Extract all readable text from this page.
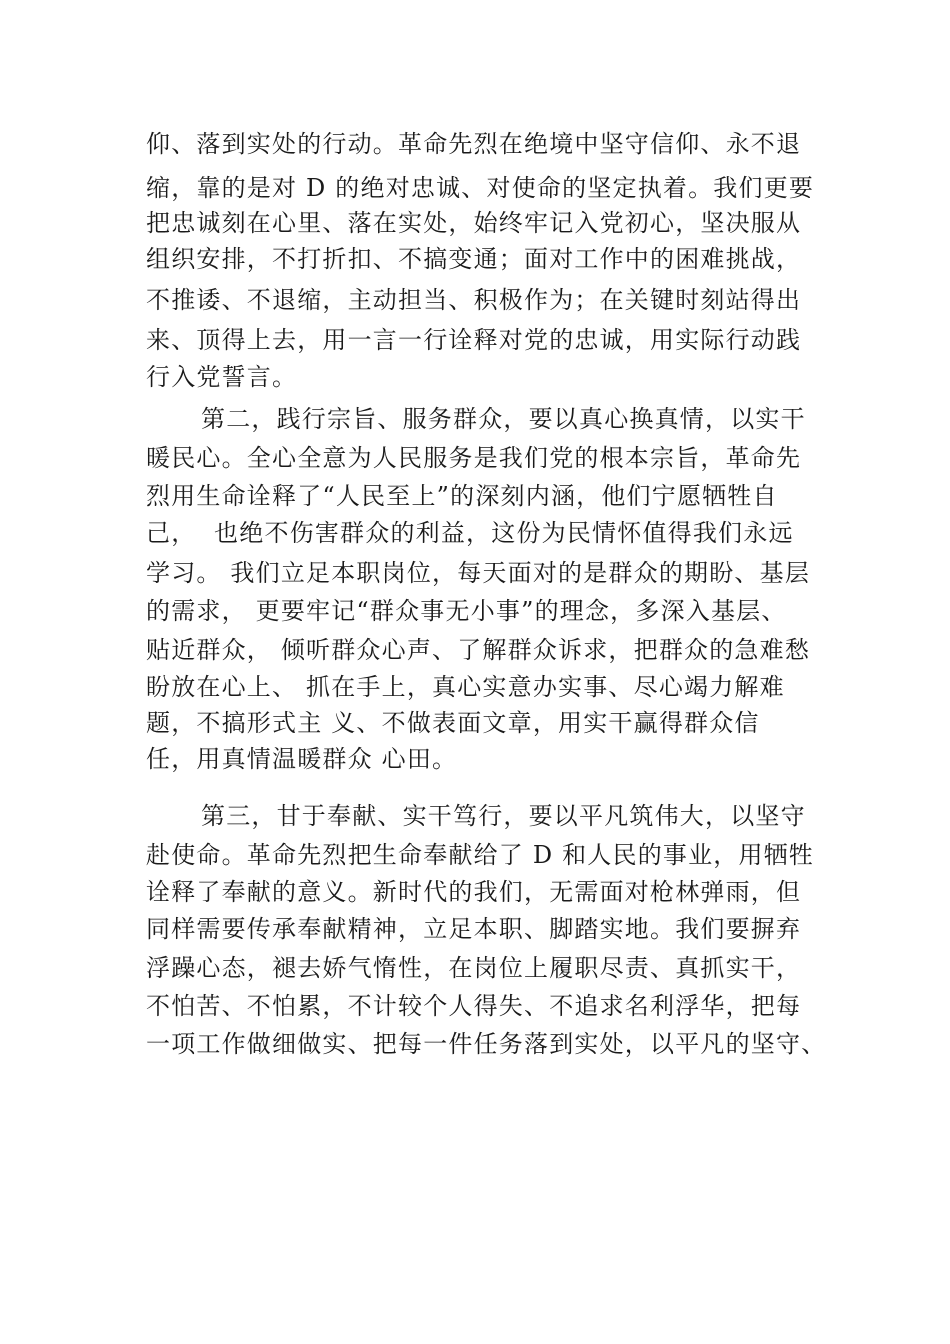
仰、落到实处的行动。革命先烈在绝境中坚守信仰、永不退
缩，靠的是对 D 的绝对忠诚、对使命的坚定执着。我们更要
把忠诚刻在心里、落在实处，始终牢记入党初心，坚决服从
组织安排，不打折扣、不搞变通；面对工作中的困难挑战，
不推诿、不退缩，主动担当、积极作为；在关键时刻站得出
来、顶得上去，用一言一行诠释对党的忠诚，用实际行动践
行入党誓言。
第二，践行宗旨、服务群众，要以真心换真情，以实干
暖民心。全心全意为人民服务是我们党的根本宗旨，革命先
烈用生命诠释了“人民至上”的深刻内涵，他们宁愿牺牲自
己，  也绝不伤害群众的利益，这份为民情怀值得我们永远
学习。 我们立足本职岗位，每天面对的是群众的期盼、基层
的需求， 更要牢记“群众事无小事”的理念，多深入基层、
贴近群众， 倾听群众心声、了解群众诉求，把群众的急难愁
盼放在心上、 抓在手上，真心实意办实事、尽心竭力解难
题，不搞形式主 义、不做表面文章，用实干赢得群众信
任，用真情温暖群众 心田。
第三，甘于奉献、实干笃行，要以平凡筑伟大，以坚守
赴使命。革命先烈把生命奉献给了 D 和人民的事业，用牺牲
诠释了奉献的意义。新时代的我们，无需面对枪林弹雨，但
同样需要传承奉献精神，立足本职、脚踏实地。我们要摒弃
浮躁心态，褪去娇气惰性，在岗位上履职尽责、真抓实干，
不怕苦、不怕累，不计较个人得失、不追求名利浮华，把每
一项工作做细做实、把每一件任务落到实处，以平凡的坚守、
